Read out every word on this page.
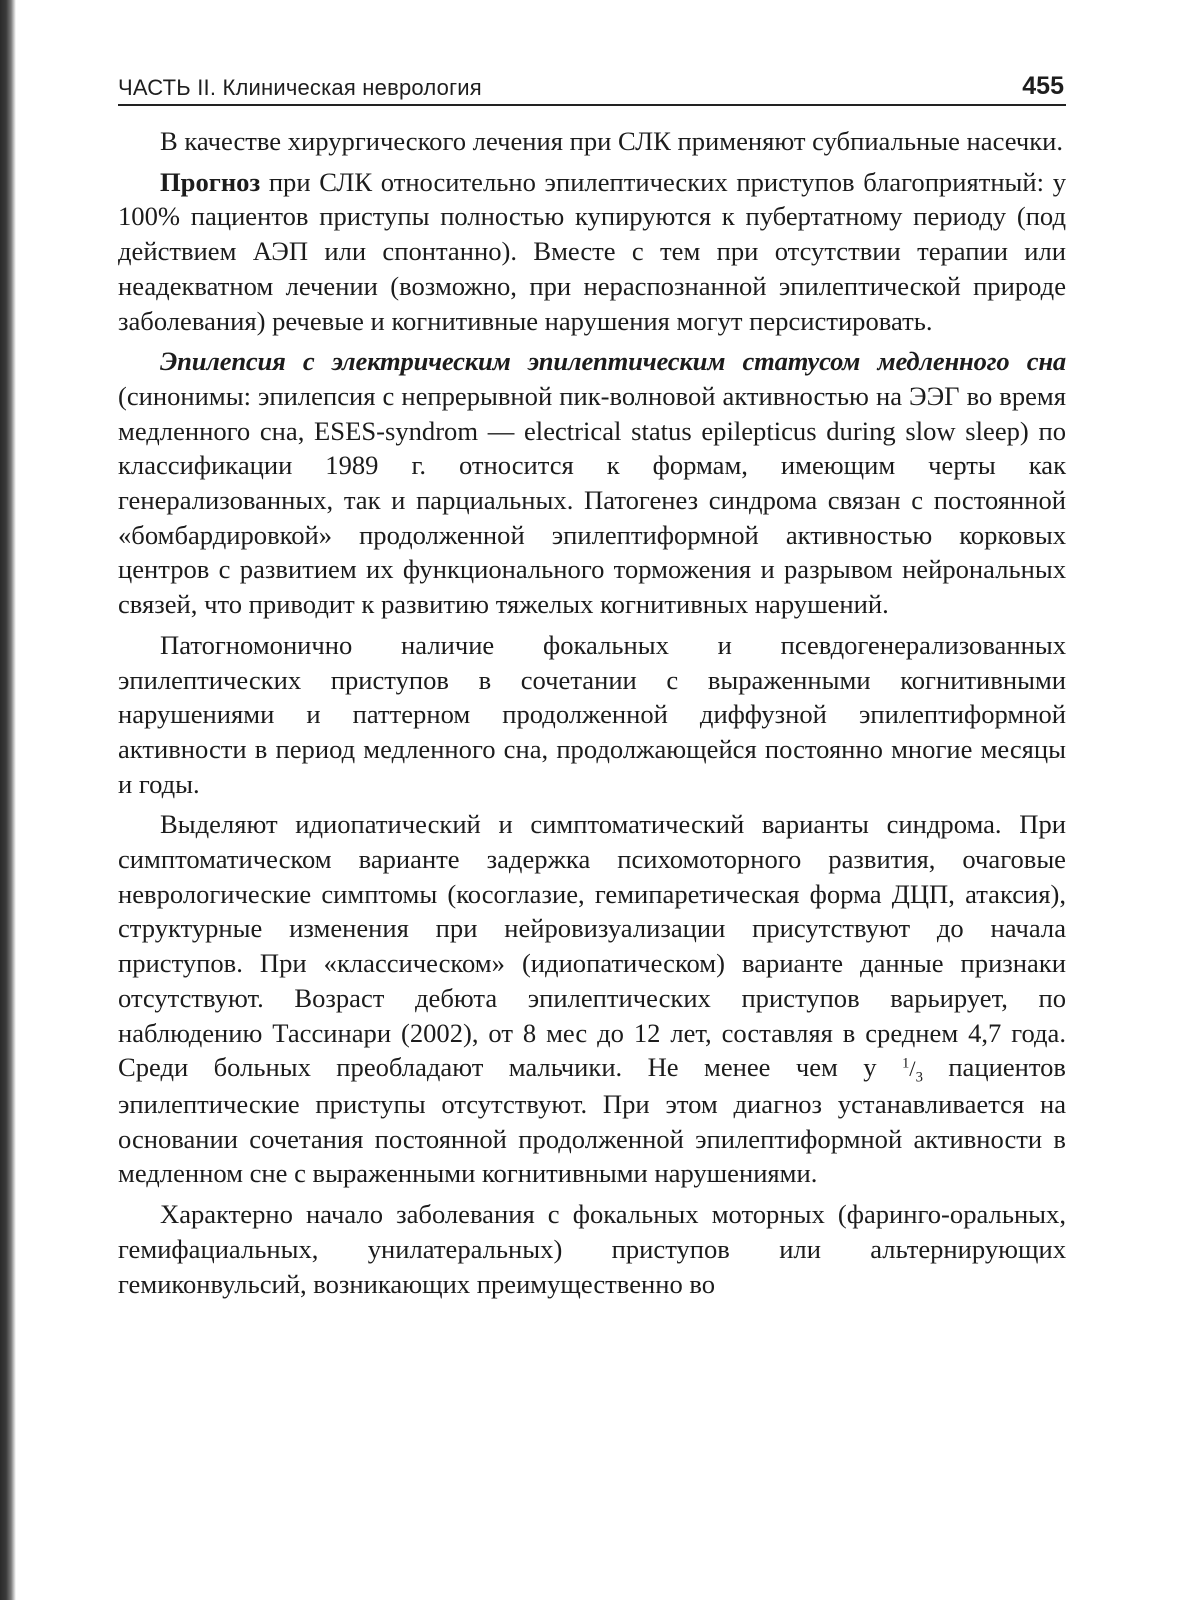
ЧАСТЬ II. Клиническая неврология	455

В качестве хирургического лечения при СЛК применяют субпиальные насечки.

Прогноз при СЛК относительно эпилептических приступов благоприятный: у 100% пациентов приступы полностью купируются к пубертатному периоду (под действием АЭП или спонтанно). Вместе с тем при отсутствии терапии или неадекватном лечении (возможно, при нераспознанной эпилептической природе заболевания) речевые и когнитивные нарушения могут персистировать.

Эпилепсия с электрическим эпилептическим статусом медленного сна (синонимы: эпилепсия с непрерывной пик-волновой активностью на ЭЭГ во время медленного сна, ESES-syndrom — electrical status epilepticus during slow sleep) по классификации 1989 г. относится к формам, имеющим черты как генерализованных, так и парциальных. Патогенез синдрома связан с постоянной «бомбардировкой» продолженной эпилептиформной активностью корковых центров с развитием их функционального торможения и разрывом нейрональных связей, что приводит к развитию тяжелых когнитивных нарушений.

Патогномонично наличие фокальных и псевдогенерализованных эпилептических приступов в сочетании с выраженными когнитивными нарушениями и паттерном продолженной диффузной эпилептиформной активности в период медленного сна, продолжающейся постоянно многие месяцы и годы.

Выделяют идиопатический и симптоматический варианты синдрома. При симптоматическом варианте задержка психомоторного развития, очаговые неврологические симптомы (косоглазие, гемипаретическая форма ДЦП, атаксия), структурные изменения при нейровизуализации присутствуют до начала приступов. При «классическом» (идиопатическом) варианте данные признаки отсутствуют. Возраст дебюта эпилептических приступов варьирует, по наблюдению Тассинари (2002), от 8 мес до 12 лет, составляя в среднем 4,7 года. Среди больных преобладают мальчики. Не менее чем у $^1/_3$ пациентов эпилептические приступы отсутствуют. При этом диагноз устанавливается на основании сочетания постоянной продолженной эпилептиформной активности в медленном сне с выраженными когнитивными нарушениями.

Характерно начало заболевания с фокальных моторных (фаринго-оральных, гемифациальных, унилатеральных) приступов или альтернирующих гемиконвульсий, возникающих преимущественно во
